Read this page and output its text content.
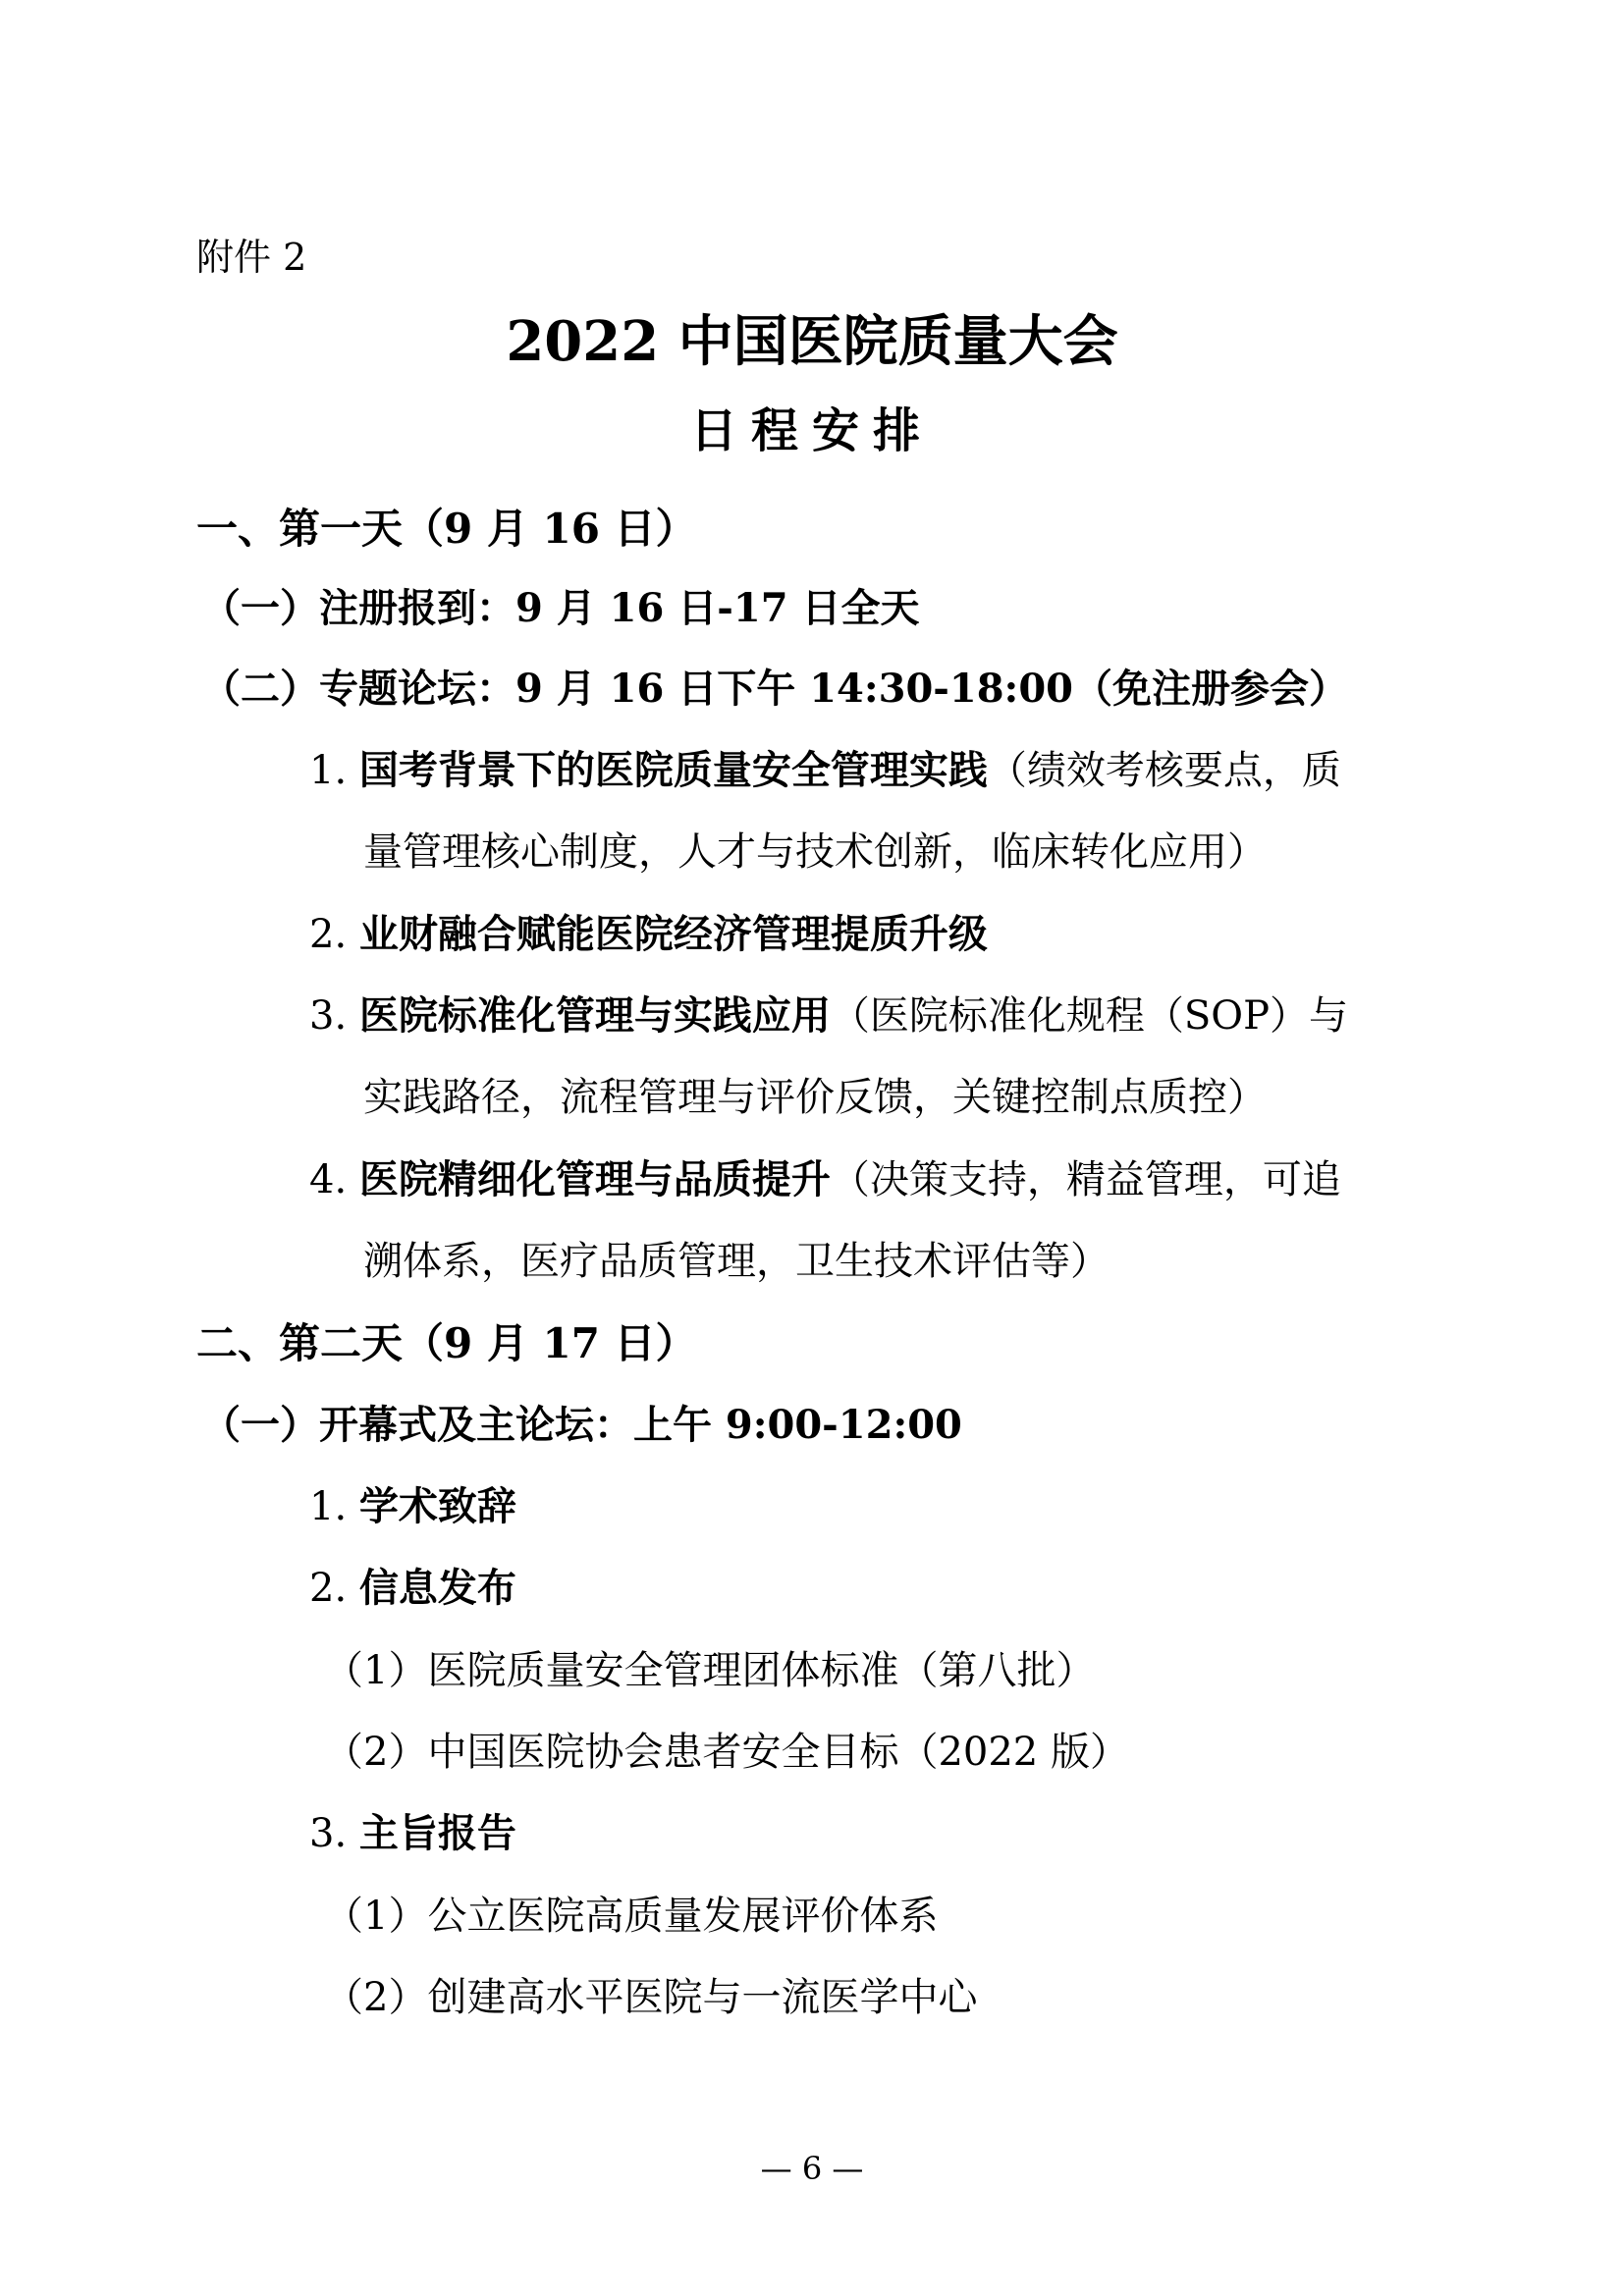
附件 2
2022 中国医院质量大会
日程安排
一、第一天（9 月 16 日）
（一）注册报到：9 月 16 日-17 日全天
（二）专题论坛：9 月 16 日下午 14:30-18:00（免注册参会）
1. 国考背景下的医院质量安全管理实践（绩效考核要点，质
量管理核心制度，人才与技术创新，临床转化应用）
2. 业财融合赋能医院经济管理提质升级
3. 医院标准化管理与实践应用（医院标准化规程（SOP）与
实践路径，流程管理与评价反馈，关键控制点质控）
4. 医院精细化管理与品质提升（决策支持，精益管理，可追
溯体系，医疗品质管理，卫生技术评估等）
二、第二天（9 月 17 日）
（一）开幕式及主论坛：上午 9:00-12:00
1. 学术致辞
2. 信息发布
（1）医院质量安全管理团体标准（第八批）
（2）中国医院协会患者安全目标（2022 版）
3. 主旨报告
（1）公立医院高质量发展评价体系
（2）创建高水平医院与一流医学中心
— 6 —
